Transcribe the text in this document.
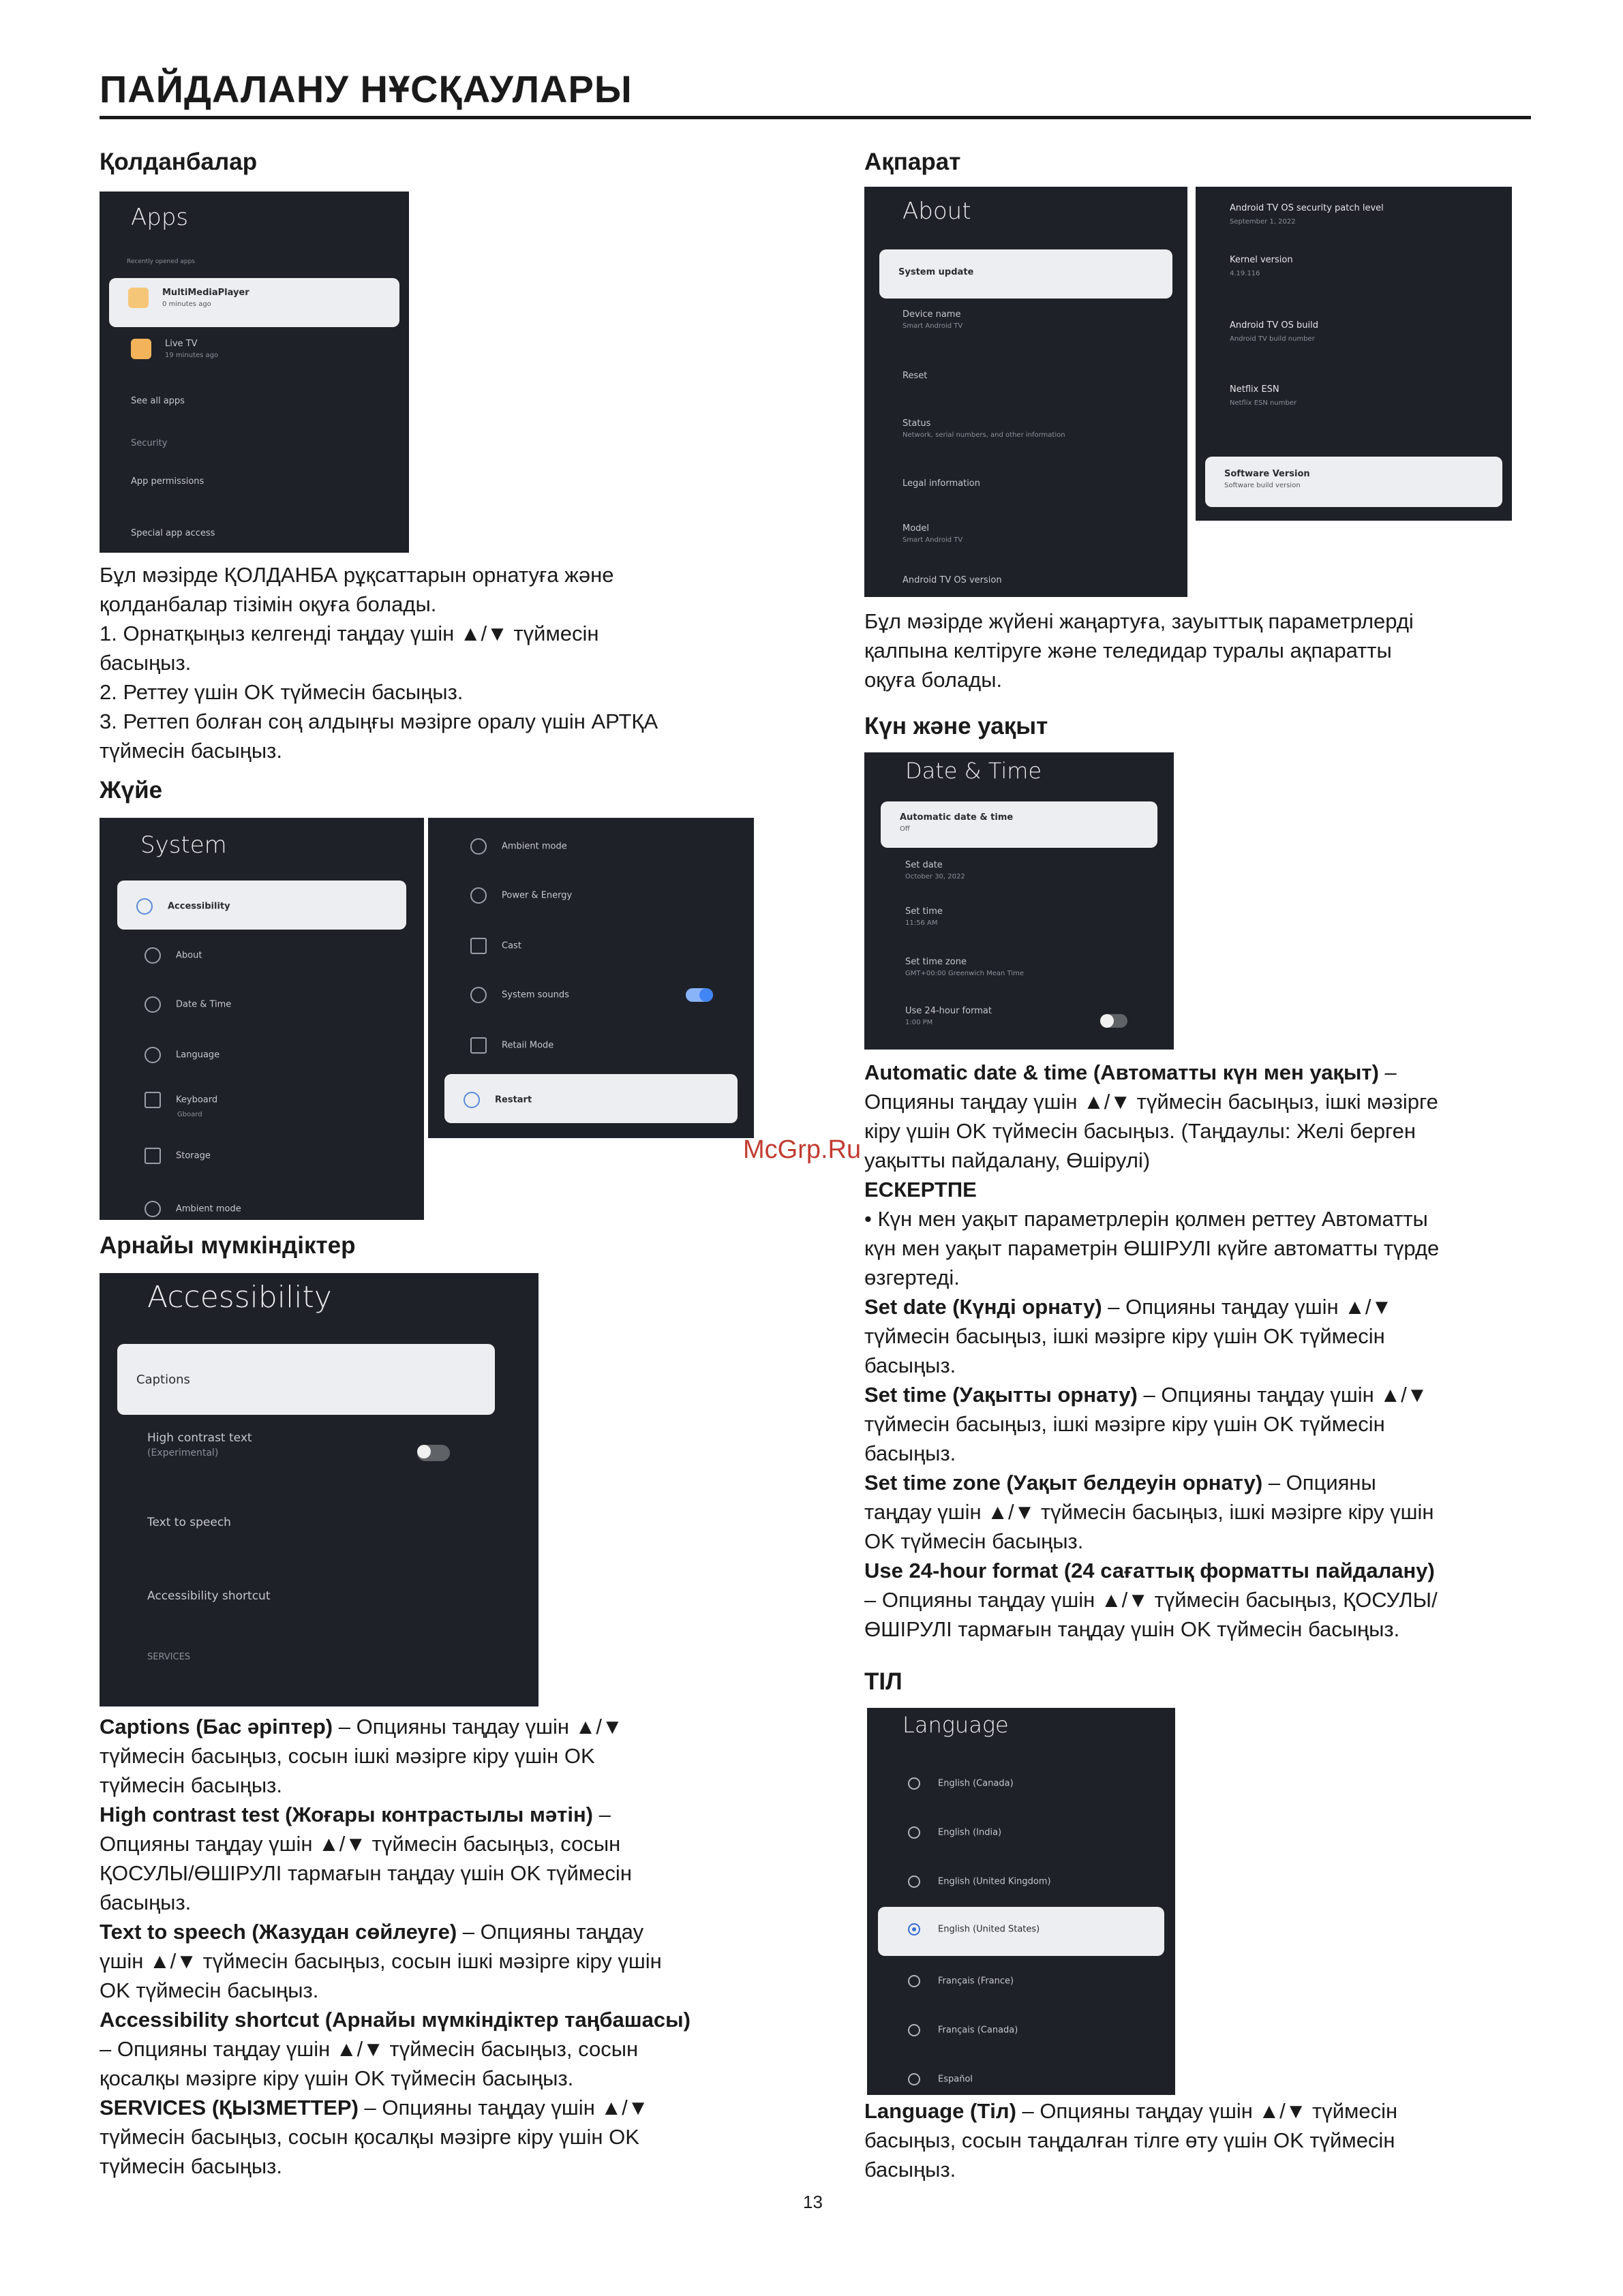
ПАЙДАЛАНУ НҰСҚАУЛАРЫ
Қолданбалар
Apps
Recently opened apps
MultiMediaPlayer
0 minutes ago
Live TV
19 minutes ago
See all apps
Security
App permissions
Special app access

Бұл мәзірде ҚОЛДАНБА рұқсаттарын орнатуға және

қолданбалар тізімін оқуға болады.

1. Орнатқыңыз келгенді таңдау үшін ▲/▼ түймесін

басыңыз.

2. Реттеу үшін OK түймесін басыңыз.

3. Реттеп болған соң алдыңғы мәзірге оралу үшін АРТҚА

түймесін басыңыз.

Жүйе
System
Accessibility
About
Date & Time
Language
Keyboard
Gboard
Storage
Ambient mode
Ambient mode
Power & Energy
Cast
System sounds
Retail Mode
Restart
Арнайы мүмкіндіктер
Accessibility
Captions
High contrast text
(Experimental)
Text to speech
Accessibility shortcut
SERVICES

Captions (Бас әріптер) – Опцияны таңдау үшін ▲/▼

түймесін басыңыз, сосын ішкі мәзірге кіру үшін OK

түймесін басыңыз.

High contrast test (Жоғары контрастылы мәтін) –

Опцияны таңдау үшін ▲/▼ түймесін басыңыз, сосын

ҚОСУЛЫ/ӨШІРУЛІ тармағын таңдау үшін OK түймесін

басыңыз.

Text to speech (Жазудан сөйлеуге) – Опцияны таңдау

үшін ▲/▼ түймесін басыңыз, сосын ішкі мәзірге кіру үшін

OK түймесін басыңыз.

Accessibility shortcut (Арнайы мүмкіндіктер таңбашасы)

– Опцияны таңдау үшін ▲/▼ түймесін басыңыз, сосын

қосалқы мәзірге кіру үшін OK түймесін басыңыз.

SERVICES (ҚЫЗМЕТТЕР) – Опцияны таңдау үшін ▲/▼

түймесін басыңыз, сосын қосалқы мәзірге кіру үшін OK

түймесін басыңыз.

Ақпарат
About
System update
Device name
Smart Android TV
Reset
Status
Network, serial numbers, and other information
Legal information
Model
Smart Android TV
Android TV OS version
Android TV OS security patch level
September 1, 2022
Kernel version
4.19.116
Android TV OS build
Android TV build number
Netflix ESN
Netflix ESN number
Software Version
Software build version

Бұл мәзірде жүйені жаңартуға, зауыттық параметрлерді

қалпына келтіруге және теледидар туралы ақпаратты

оқуға болады.

Күн және уақыт
Date & Time
Automatic date & time
Off
Set date
October 30, 2022
Set time
11:56 AM
Set time zone
GMT+00:00 Greenwich Mean Time
Use 24-hour format
1:00 PM

Automatic date & time (Автоматты күн мен уақыт) –

Опцияны таңдау үшін ▲/▼ түймесін басыңыз, ішкі мәзірге

кіру үшін OK түймесін басыңыз. (Таңдаулы: Желі берген

уақытты пайдалану, Өшірулі)

ЕСКЕРТПЕ

• Күн мен уақыт параметрлерін қолмен реттеу Автоматты

күн мен уақыт параметрін ӨШІРУЛІ күйге автоматты түрде

өзгертеді.

Set date (Күнді орнату) – Опцияны таңдау үшін ▲/▼

түймесін басыңыз, ішкі мәзірге кіру үшін OK түймесін

басыңыз.

Set time (Уақытты орнату) – Опцияны таңдау үшін ▲/▼

түймесін басыңыз, ішкі мәзірге кіру үшін OK түймесін

басыңыз.

Set time zone (Уақыт белдеуін орнату) – Опцияны

таңдау үшін ▲/▼ түймесін басыңыз, ішкі мәзірге кіру үшін

OK түймесін басыңыз.

Use 24-hour format (24 сағаттық форматты пайдалану)

– Опцияны таңдау үшін ▲/▼ түймесін басыңыз, ҚОСУЛЫ/

ӨШІРУЛІ тармағын таңдау үшін OK түймесін басыңыз.

ТІЛ
Language
English (Canada)
English (India)
English (United Kingdom)
English (United States)
Français (France)
Français (Canada)
Español

Language (Тіл) – Опцияны таңдау үшін ▲/▼ түймесін

басыңыз, сосын таңдалған тілге өту үшін OK түймесін

басыңыз.

McGrp.Ru
13
